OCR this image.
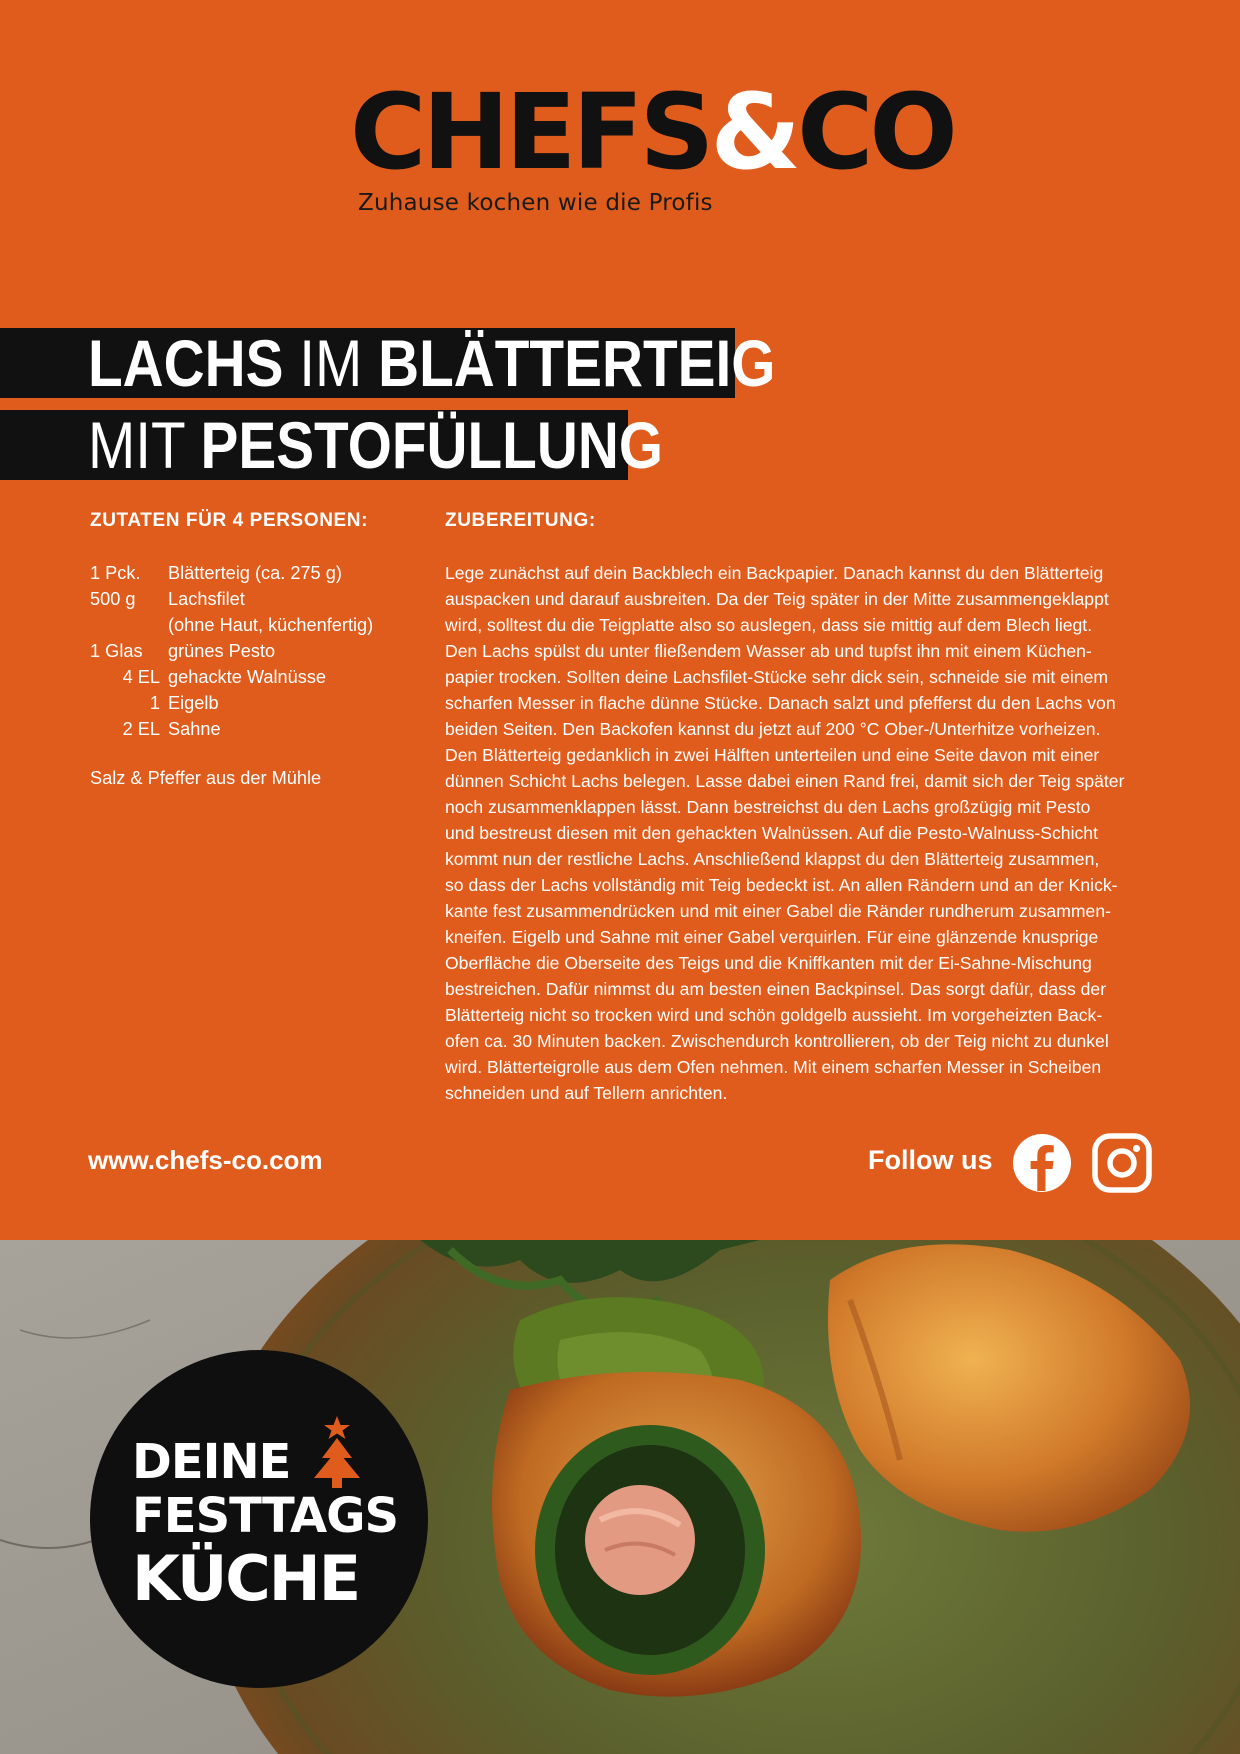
CHEFS&CO
Zuhause kochen wie die Profis
LACHS IM BLÄTTERTEIG
MIT PESTOFÜLLUNG
ZUTATEN FÜR 4 PERSONEN:	ZUBEREITUNG:
1 Pck.	Blätterteig (ca. 275 g)
500 g	Lachsfilet
(ohne Haut, küchenfertig)
1 Glas	grünes Pesto
4 EL gehackte Walnüsse
1 Eigelb
2 EL Sahne
Salz & Pfeffer aus der Mühle

Lege zunächst auf dein Backblech ein Backpapier. Danach kannst du den Blätterteig

auspacken und darauf ausbreiten. Da der Teig später in der Mitte zusammengeklappt

wird, solltest du die Teigplatte also so auslegen, dass sie mittig auf dem Blech liegt.

Den Lachs spülst du unter fließendem Wasser ab und tupfst ihn mit einem Küchen-

papier trocken. Sollten deine Lachsfilet-Stücke sehr dick sein, schneide sie mit einem

scharfen Messer in flache dünne Stücke. Danach salzt und pfefferst du den Lachs von

beiden Seiten. Den Backofen kannst du jetzt auf 200 °C Ober-/Unterhitze vorheizen.

Den Blätterteig gedanklich in zwei Hälften unterteilen und eine Seite davon mit einer

dünnen Schicht Lachs belegen. Lasse dabei einen Rand frei, damit sich der Teig später

noch zusammenklappen lässt. Dann bestreichst du den Lachs großzügig mit Pesto

und bestreust diesen mit den gehackten Walnüssen. Auf die Pesto-Walnuss-Schicht

kommt nun der restliche Lachs. Anschließend klappst du den Blätterteig zusammen,

so dass der Lachs vollständig mit Teig bedeckt ist. An allen Rändern und an der Knick-

kante fest zusammendrücken und mit einer Gabel die Ränder rundherum zusammen-

kneifen. Eigelb und Sahne mit einer Gabel verquirlen. Für eine glänzende knusprige

Oberfläche die Oberseite des Teigs und die Kniffkanten mit der Ei-Sahne-Mischung

bestreichen. Dafür nimmst du am besten einen Backpinsel. Das sorgt dafür, dass der

Blätterteig nicht so trocken wird und schön goldgelb aussieht. Im vorgeheizten Back-

ofen ca. 30 Minuten backen. Zwischendurch kontrollieren, ob der Teig nicht zu dunkel

wird. Blätterteigrolle aus dem Ofen nehmen. Mit einem scharfen Messer in Scheiben

schneiden und auf Tellern anrichten.

www.chefs-co.com	Follow us
DEINE
FESTTAGS
KÜCHE
